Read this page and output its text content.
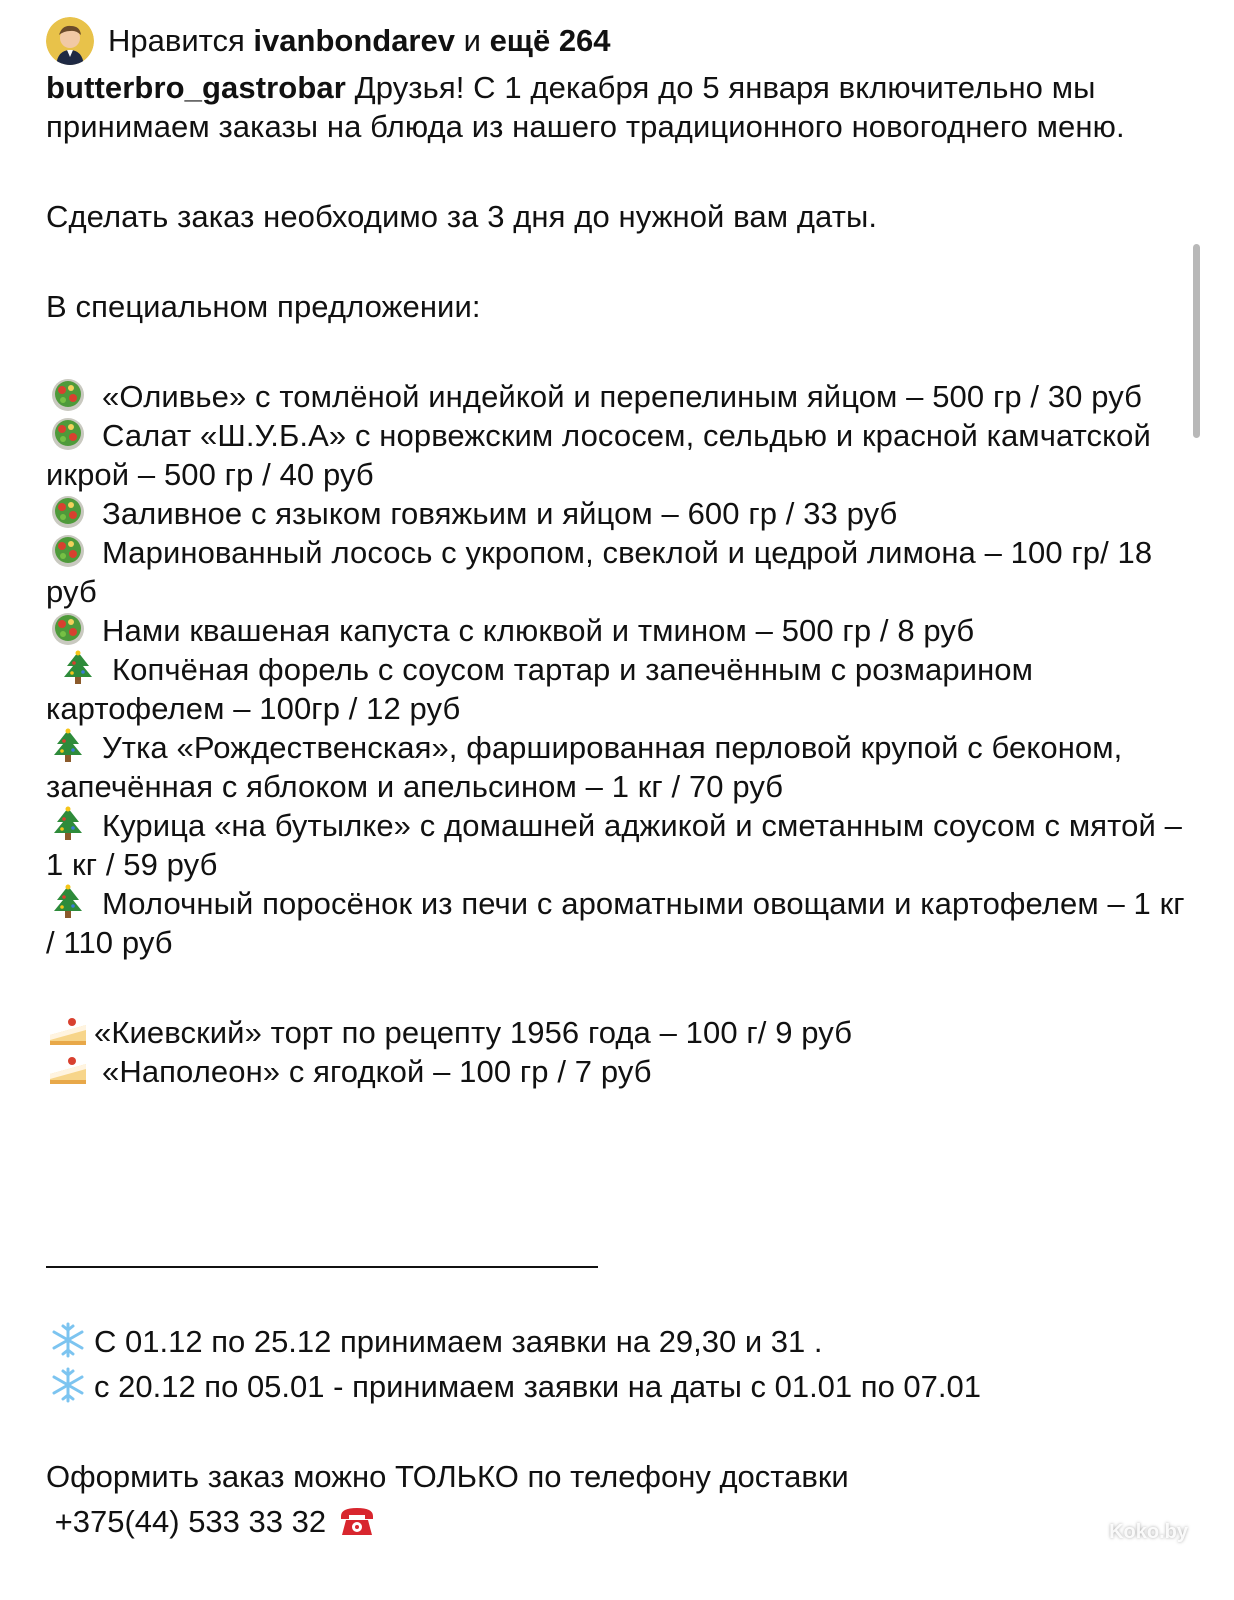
Нравится
ivanbondarev
и
ещё 264

butterbro_gastrobar Друзья! С 1 декабря до 5 января включительно мы принимаем заказы на блюда из нашего традиционного новогоднего меню.

Сделать заказ необходимо за 3 дня до нужной вам даты.

В специальном предложении:

«Оливье» с томлёной индейкой и перепелиным яйцом – 500 гр / 30 руб

Салат «Ш.У.Б.А» с норвежским лососем, сельдью и красной камчатской икрой – 500 гр / 40 руб

Заливное с языком говяжьим и яйцом – 600 гр / 33 руб

Маринованный лосось с укропом, свеклой и цедрой лимона – 100 гр/ 18 руб

Нами квашеная капуста с клюквой и тмином – 500 гр / 8 руб

Копчёная форель с соусом тартар и запечённым с розмарином картофелем – 100гр / 12 руб

Утка «Рождественская», фаршированная перловой крупой с беконом, запечённая с яблоком и апельсином – 1 кг / 70 руб

Курица «на бутылке» с домашней аджикой и сметанным соусом с мятой – 1 кг / 59 руб

Молочный поросёнок из печи с ароматными овощами и картофелем – 1 кг / 110 руб

«Киевский» торт по рецепту 1956 года – 100 г/ 9 руб

«Наполеон» с ягодкой – 100 гр / 7 руб

С 01.12 по 25.12 принимаем заявки на 29,30 и 31 .

с 20.12 по 05.01 - принимаем заявки на даты с 01.01 по 07.01

Оформить заказ можно ТОЛЬКО по телефону доставки

+375(44) 533 33 32	Koko.by
